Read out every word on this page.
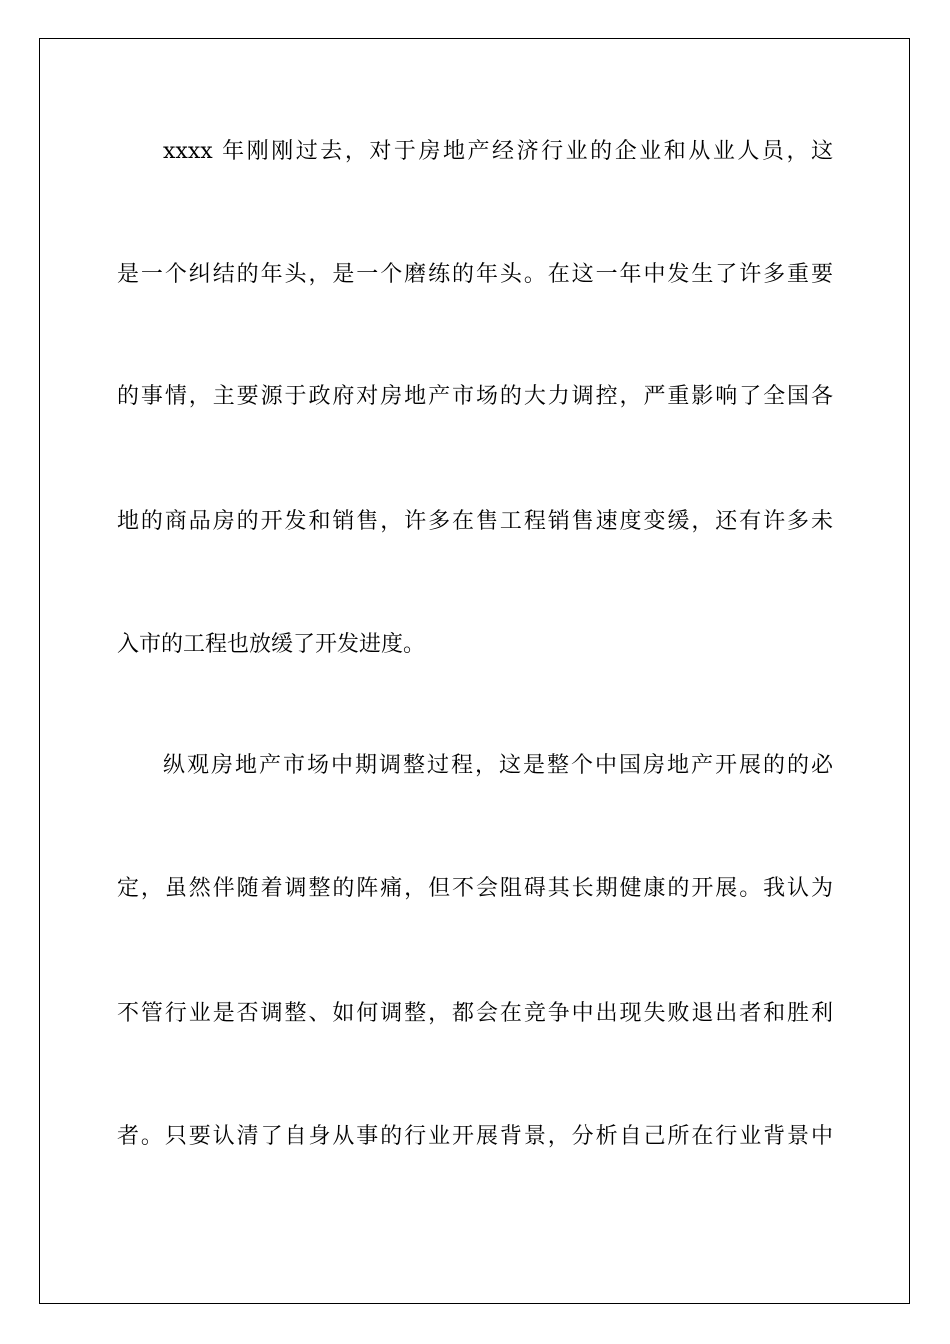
xxxx 年刚刚过去，对于房地产经济行业的企业和从业人员，这

是一个纠结的年头，是一个磨练的年头。在这一年中发生了许多重要

的事情，主要源于政府对房地产市场的大力调控，严重影响了全国各

地的商品房的开发和销售，许多在售工程销售速度变缓，还有许多未

入市的工程也放缓了开发进度。

纵观房地产市场中期调整过程，这是整个中国房地产开展的的必

定，虽然伴随着调整的阵痛，但不会阻碍其长期健康的开展。我认为

不管行业是否调整、如何调整，都会在竞争中出现失败退出者和胜利

者。只要认清了自身从事的行业开展背景，分析自己所在行业背景中
